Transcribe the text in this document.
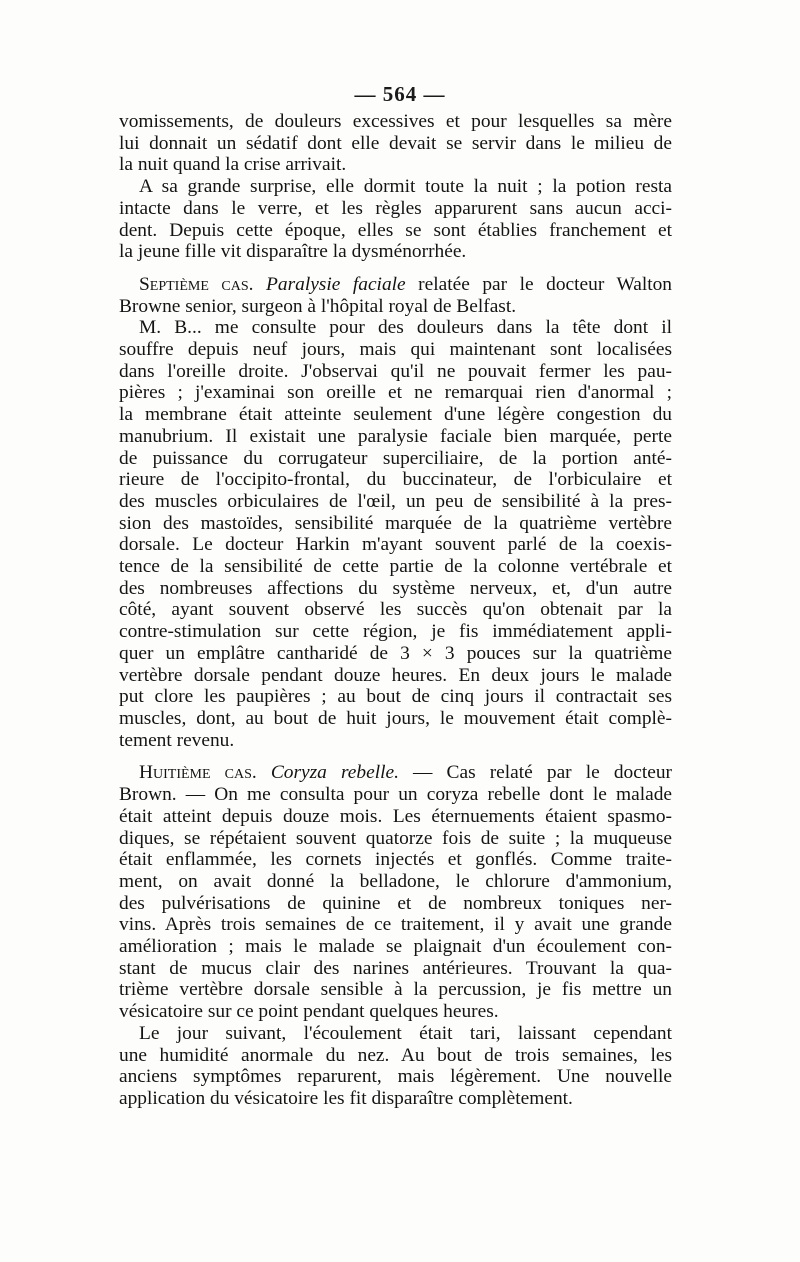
— 564 —
vomissements, de douleurs excessives et pour lesquelles sa mère
lui donnait un sédatif dont elle devait se servir dans le milieu de
la nuit quand la crise arrivait.
A sa grande surprise, elle dormit toute la nuit ; la potion resta
intacte dans le verre, et les règles apparurent sans aucun acci-
dent. Depuis cette époque, elles se sont établies franchement et
la jeune fille vit disparaître la dysménorrhée.
Septième cas. Paralysie faciale relatée par le docteur Walton
Browne senior, surgeon à l'hôpital royal de Belfast.
M. B... me consulte pour des douleurs dans la tête dont il
souffre depuis neuf jours, mais qui maintenant sont localisées
dans l'oreille droite. J'observai qu'il ne pouvait fermer les pau-
pières ; j'examinai son oreille et ne remarquai rien d'anormal ;
la membrane était atteinte seulement d'une légère congestion du
manubrium. Il existait une paralysie faciale bien marquée, perte
de puissance du corrugateur superciliaire, de la portion anté-
rieure de l'occipito-frontal, du buccinateur, de l'orbiculaire et
des muscles orbiculaires de l'œil, un peu de sensibilité à la pres-
sion des mastoïdes, sensibilité marquée de la quatrième vertèbre
dorsale. Le docteur Harkin m'ayant souvent parlé de la coexis-
tence de la sensibilité de cette partie de la colonne vertébrale et
des nombreuses affections du système nerveux, et, d'un autre
côté, ayant souvent observé les succès qu'on obtenait par la
contre-stimulation sur cette région, je fis immédiatement appli-
quer un emplâtre cantharidé de 3 × 3 pouces sur la quatrième
vertèbre dorsale pendant douze heures. En deux jours le malade
put clore les paupières ; au bout de cinq jours il contractait ses
muscles, dont, au bout de huit jours, le mouvement était complè-
tement revenu.
Huitième cas. Coryza rebelle. — Cas relaté par le docteur
Brown. — On me consulta pour un coryza rebelle dont le malade
était atteint depuis douze mois. Les éternuements étaient spasmo-
diques, se répétaient souvent quatorze fois de suite ; la muqueuse
était enflammée, les cornets injectés et gonflés. Comme traite-
ment, on avait donné la belladone, le chlorure d'ammonium,
des pulvérisations de quinine et de nombreux toniques ner-
vins. Après trois semaines de ce traitement, il y avait une grande
amélioration ; mais le malade se plaignait d'un écoulement con-
stant de mucus clair des narines antérieures. Trouvant la qua-
trième vertèbre dorsale sensible à la percussion, je fis mettre un
vésicatoire sur ce point pendant quelques heures.
Le jour suivant, l'écoulement était tari, laissant cependant
une humidité anormale du nez. Au bout de trois semaines, les
anciens symptômes reparurent, mais légèrement. Une nouvelle
application du vésicatoire les fit disparaître complètement.
